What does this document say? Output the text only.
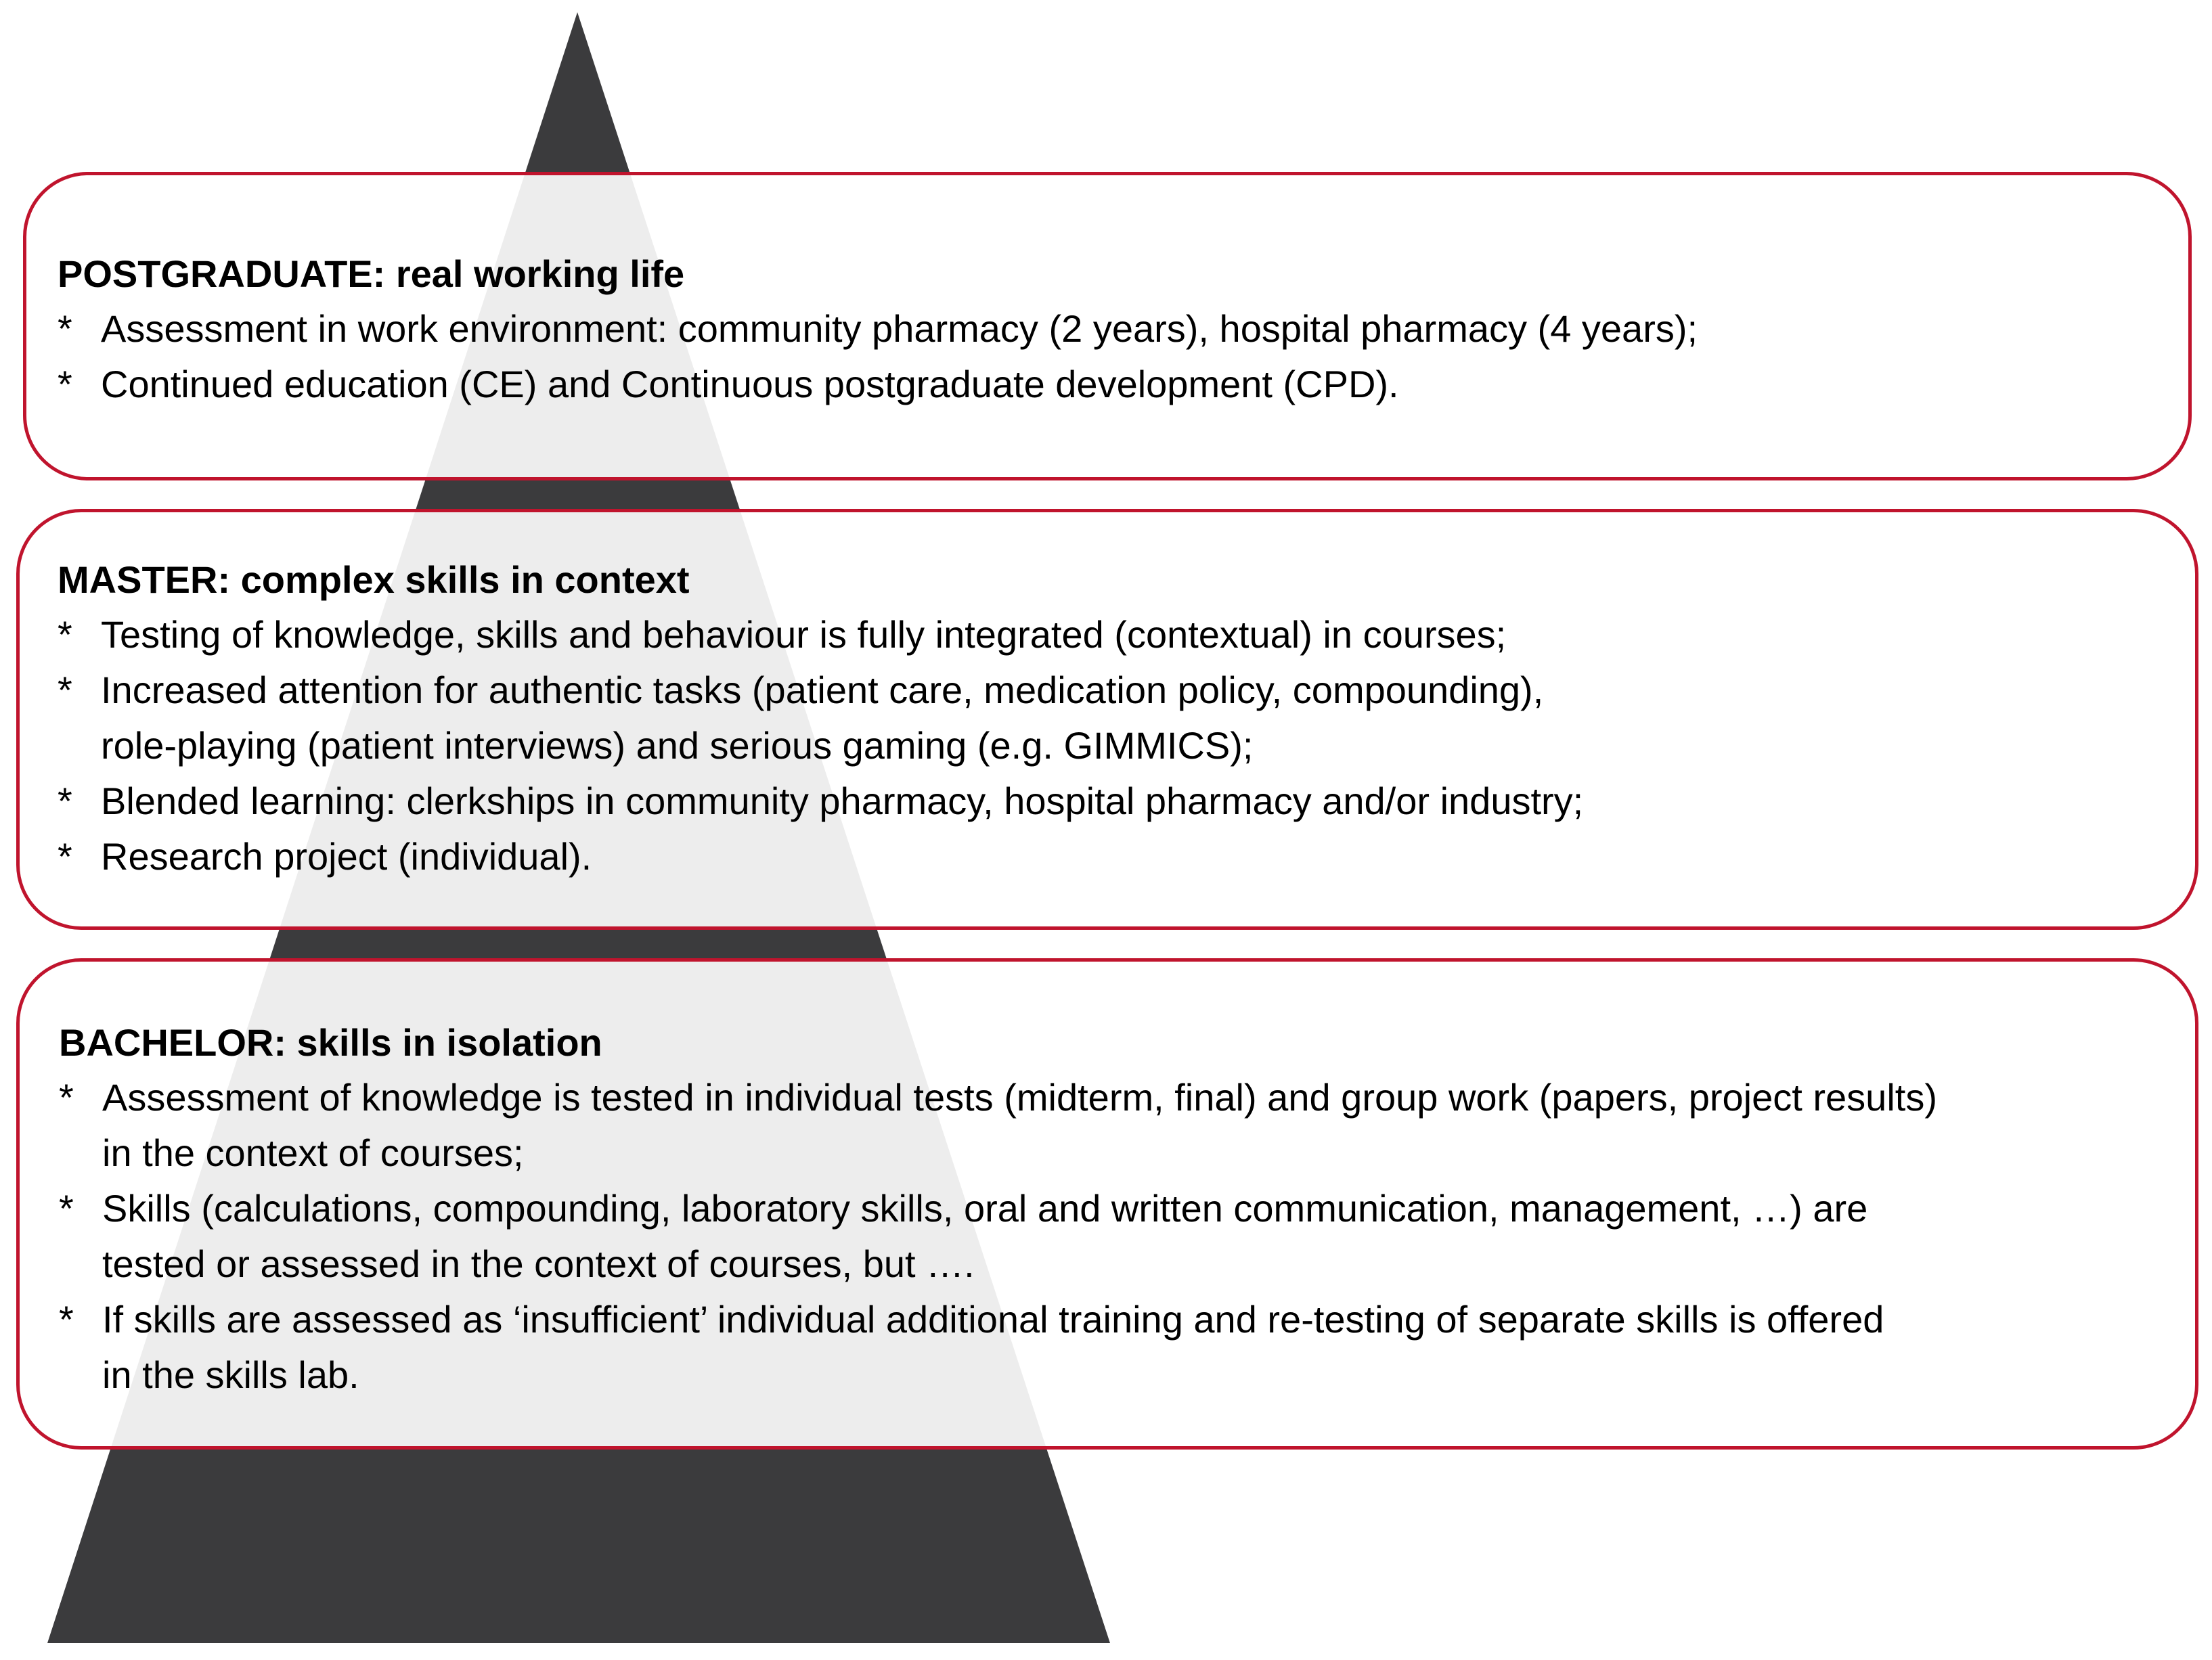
POSTGRADUATE: real working life
* Assessment in work environment: community pharmacy (2 years), hospital pharmacy (4 years);
* Continued education (CE) and Continuous postgraduate development (CPD).
MASTER: complex skills in context
* Testing of knowledge, skills and behaviour is fully integrated (contextual) in courses;
* Increased attention for authentic tasks (patient care, medication policy, compounding),
role-playing (patient interviews) and serious gaming (e.g. GIMMICS);
* Blended learning: clerkships in community pharmacy, hospital pharmacy and/or industry;
* Research project (individual).
BACHELOR: skills in isolation
* Assessment of knowledge is tested in individual tests (midterm, final) and group work (papers, project results)
in the context of courses;
* Skills (calculations, compounding, laboratory skills, oral and written communication, management, …) are
tested or assessed in the context of courses, but ….
* If skills are assessed as ‘insufficient’ individual additional training and re-testing of separate skills is offered
in the skills lab.
